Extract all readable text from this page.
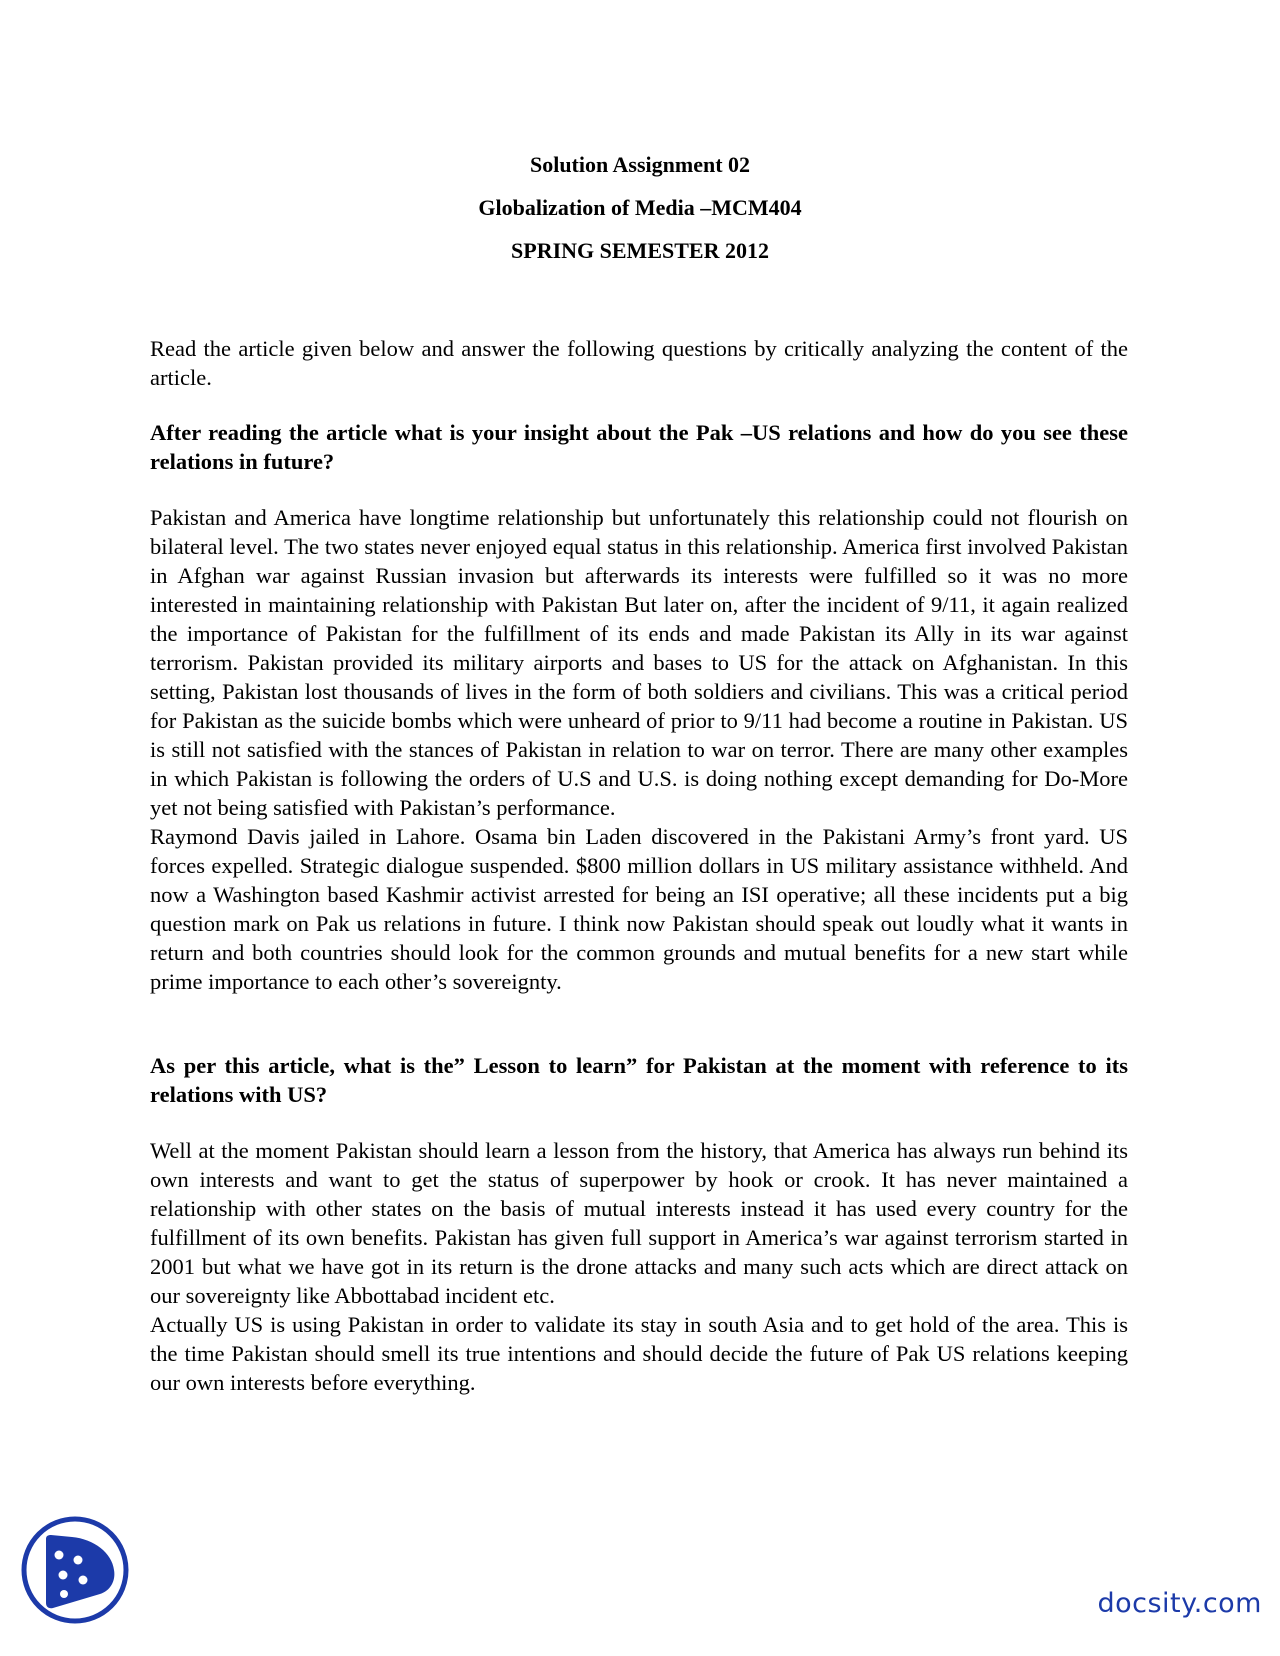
Solution Assignment 02
Globalization of Media –MCM404
SPRING SEMESTER 2012

Read the article given below and answer the following questions by critically analyzing the content of the article.

After reading the article what is your insight about the Pak –US relations and how do you see these relations in future?

Pakistan and America have longtime relationship but unfortunately this relationship could not flourish on bilateral level. The two states never enjoyed equal status in this relationship. America first involved Pakistan in Afghan war against Russian invasion but afterwards its interests were fulfilled so it was no more interested in maintaining relationship with Pakistan But later on, after the incident of 9/11, it again realized the importance of Pakistan for the fulfillment of its ends and made Pakistan its Ally in its war against terrorism. Pakistan provided its military airports and bases to US for the attack on Afghanistan. In this setting, Pakistan lost thousands of lives in the form of both soldiers and civilians. This was a critical period for Pakistan as the suicide bombs which were unheard of prior to 9/11 had become a routine in Pakistan. US is still not satisfied with the stances of Pakistan in relation to war on terror. There are many other examples in which Pakistan is following the orders of U.S and U.S. is doing nothing except demanding for Do-More yet not being satisfied with Pakistan’s performance.

Raymond Davis jailed in Lahore. Osama bin Laden discovered in the Pakistani Army’s front yard. US forces expelled. Strategic dialogue suspended. $800 million dollars in US military assistance withheld. And now a Washington based Kashmir activist arrested for being an ISI operative; all these incidents put a big question mark on Pak us relations in future. I think now Pakistan should speak out loudly what it wants in return and both countries should look for the common grounds and mutual benefits for a new start while prime importance to each other’s sovereignty.

As per this article, what is the” Lesson to learn” for Pakistan at the moment with reference to its relations with US?

Well at the moment Pakistan should learn a lesson from the history, that America has always run behind its own interests and want to get the status of superpower by hook or crook. It has never maintained a relationship with other states on the basis of mutual interests instead it has used every country for the fulfillment of its own benefits. Pakistan has given full support in America’s war against terrorism started in 2001 but what we have got in its return is the drone attacks and many such acts which are direct attack on our sovereignty like Abbottabad incident etc.

Actually US is using Pakistan in order to validate its stay in south Asia and to get hold of the area. This is the time Pakistan should smell its true intentions and should decide the future of Pak US relations keeping our own interests before everything.

docsity.com
